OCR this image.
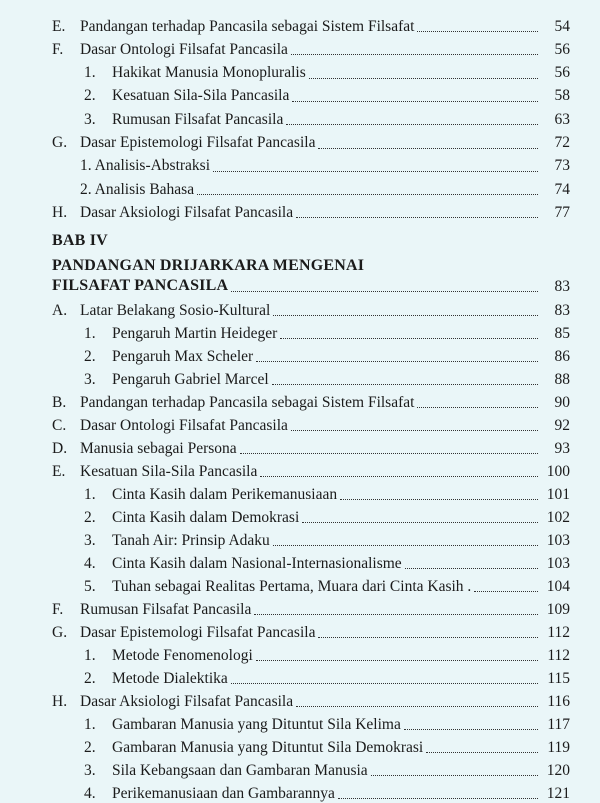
E. Pandangan terhadap Pancasila sebagai Sistem Filsafat	54
F. Dasar Ontologi Filsafat Pancasila	56
1. Hakikat Manusia Monopluralis	56
2. Kesatuan Sila-Sila Pancasila	58
3. Rumusan Filsafat Pancasila	63
G. Dasar Epistemologi Filsafat Pancasila	72
1. Analisis-Abstraksi	73
2. Analisis Bahasa	74
H. Dasar Aksiologi Filsafat Pancasila	77
BAB IV
PANDANGAN DRIJARKARA MENGENAI
FILSAFAT PANCASILA	83
A. Latar Belakang Sosio-Kultural	83
1. Pengaruh Martin Heideger	85
2. Pengaruh Max Scheler	86
3. Pengaruh Gabriel Marcel	88
B. Pandangan terhadap Pancasila sebagai Sistem Filsafat	90
C. Dasar Ontologi Filsafat Pancasila	92
D. Manusia sebagai Persona	93
E. Kesatuan Sila-Sila Pancasila	100
1. Cinta Kasih dalam Perikemanusiaan	101
2. Cinta Kasih dalam Demokrasi	102
3. Tanah Air: Prinsip Adaku	103
4. Cinta Kasih dalam Nasional-Internasionalisme	103
5. Tuhan sebagai Realitas Pertama, Muara dari Cinta Kasih .	104
F. Rumusan Filsafat Pancasila	109
G. Dasar Epistemologi Filsafat Pancasila	112
1. Metode Fenomenologi	112
2. Metode Dialektika	115
H. Dasar Aksiologi Filsafat Pancasila	116
1. Gambaran Manusia yang Dituntut Sila Kelima	117
2. Gambaran Manusia yang Dituntut Sila Demokrasi	119
3. Sila Kebangsaan dan Gambaran Manusia	120
4. Perikemanusiaan dan Gambarannya	121
